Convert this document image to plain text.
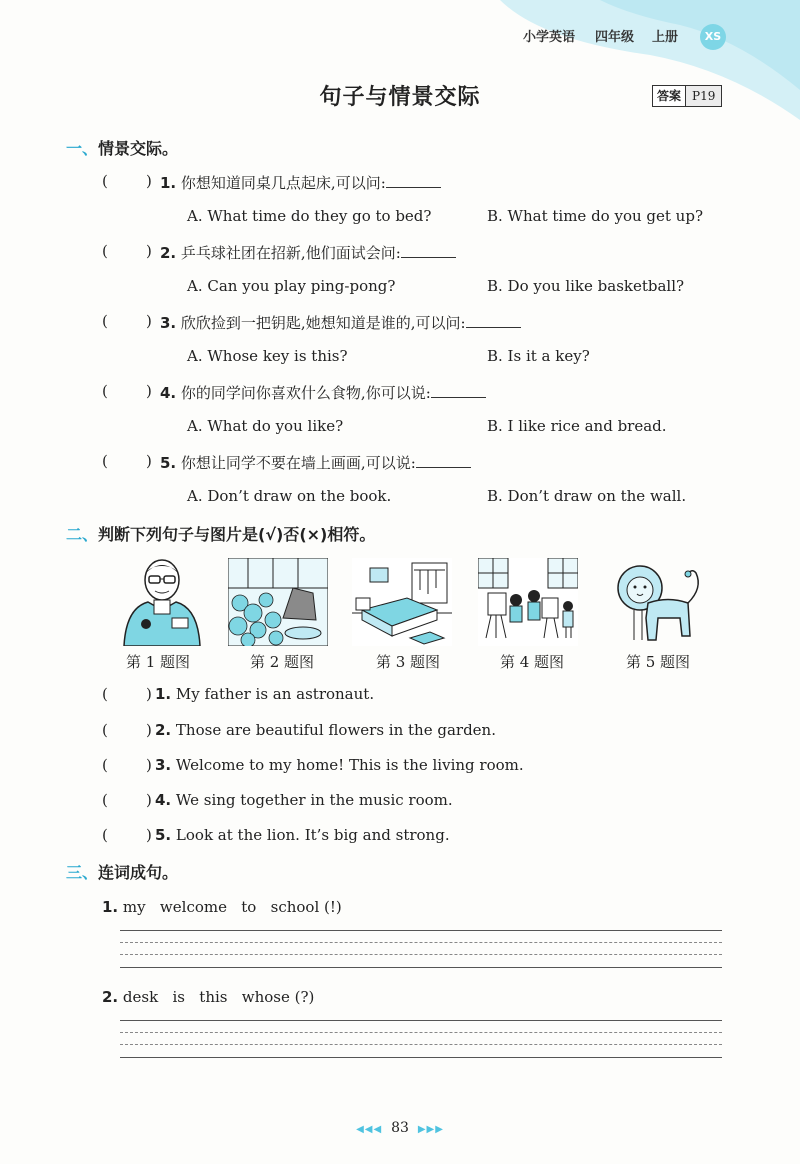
小学英语 四年级 上册	XS
句子与情景交际	答案 P19
一、情景交际。
(	) 1. 你想知道同桌几点起床,可以问:
A. What time do they go to bed?	B. What time do you get up?
(	) 2. 乒乓球社团在招新,他们面试会问:
A. Can you play ping-pong?	B. Do you like basketball?
(	) 3. 欣欣捡到一把钥匙,她想知道是谁的,可以问:
A. Whose key is this?	B. Is it a key?
(	) 4. 你的同学问你喜欢什么食物,你可以说:
A. What do you like?	B. I like rice and bread.
(	) 5. 你想让同学不要在墙上画画,可以说:
A. Don’t draw on the book.	B. Don’t draw on the wall.
二、判断下列句子与图片是(√)否(×)相符。
第 1 题图	第 2 题图	第 3 题图	第 4 题图	第 5 题图
(	) 1. My father is an astronaut.
(	) 2. Those are beautiful flowers in the garden.
(	) 3. Welcome to my home! This is the living room.
(	) 4. We sing together in the music room.
(	) 5. Look at the lion. It’s big and strong.
三、连词成句。
1. my   welcome   to   school (!)
2. desk   is   this   whose (?)
◀◀◀ 83 ▶▶▶
